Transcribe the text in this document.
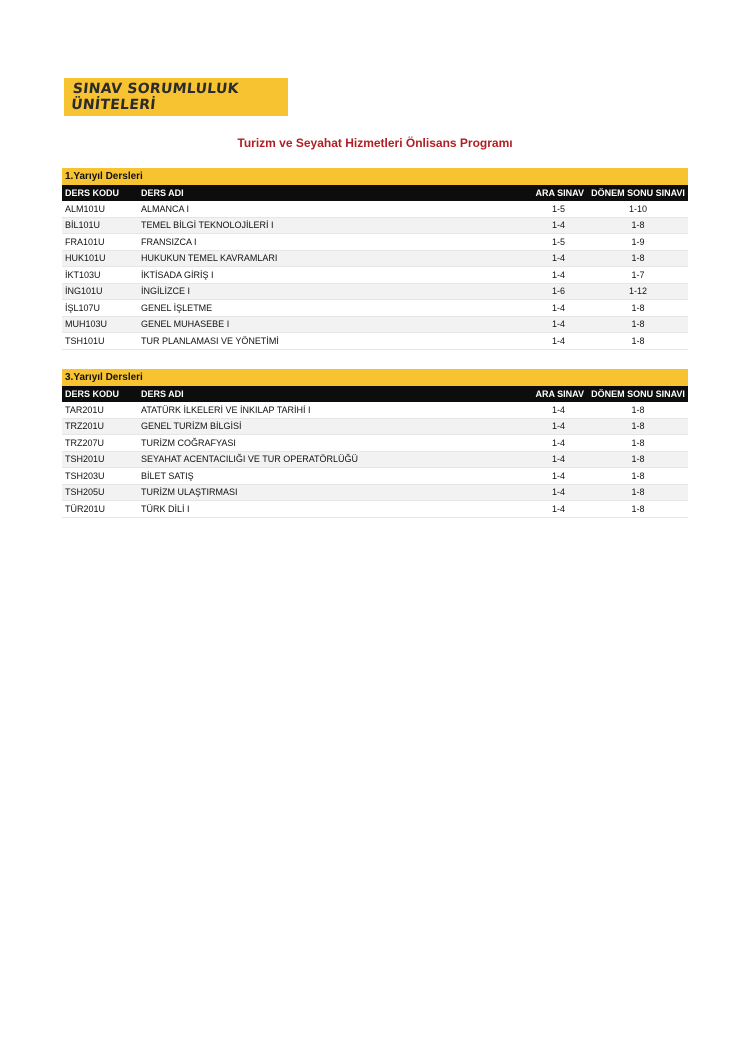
SINAV SORUMLULUK ÜNİTELERİ
Turizm ve Seyahat Hizmetleri Önlisans Programı
1.Yarıyıl Dersleri
DERS KODU	DERS ADI	ARA SINAV DÖNEM SONU SINAVI
ALM101U	ALMANCA I	1-5	1-10
BİL101U	TEMEL BİLGİ TEKNOLOJİLERİ I	1-4	1-8
FRA101U	FRANSIZCA I	1-5	1-9
HUK101U	HUKUKUN TEMEL KAVRAMLARI	1-4	1-8
İKT103U	İKTİSADA GİRİŞ I	1-4	1-7
İNG101U	İNGİLİZCE I	1-6	1-12
İŞL107U	GENEL İŞLETME	1-4	1-8
MUH103U	GENEL MUHASEBE I	1-4	1-8
TSH101U	TUR PLANLAMASI VE YÖNETİMİ	1-4	1-8
3.Yarıyıl Dersleri
DERS KODU	DERS ADI	ARA SINAV DÖNEM SONU SINAVI
TAR201U	ATATÜRK İLKELERİ VE İNKILAP TARİHİ I	1-4	1-8
TRZ201U	GENEL TURİZM BİLGİSİ	1-4	1-8
TRZ207U	TURİZM COĞRAFYASI	1-4	1-8
TSH201U	SEYAHAT ACENTACILIĞI VE TUR OPERATÖRLÜĞÜ	1-4	1-8
TSH203U	BİLET SATIŞ	1-4	1-8
TSH205U	TURİZM ULAŞTIRMASI	1-4	1-8
TÜR201U	TÜRK DİLİ I	1-4	1-8
